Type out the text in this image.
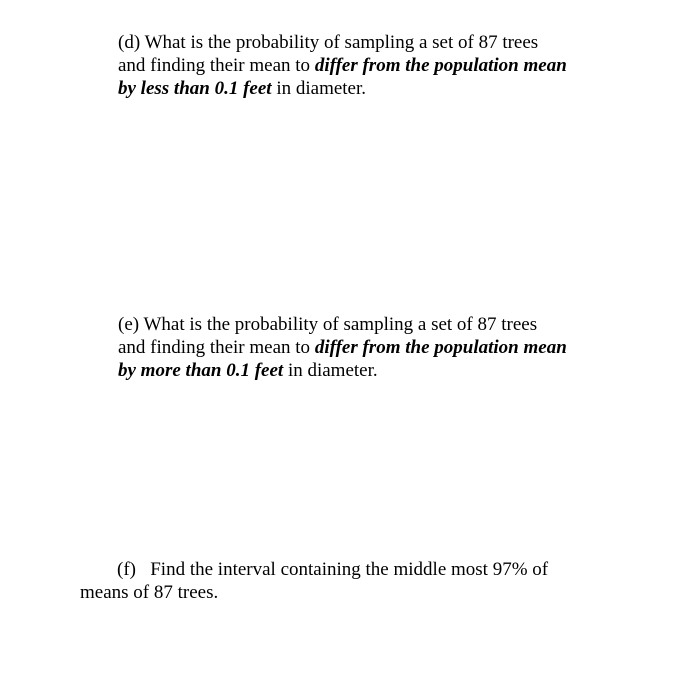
(d) What is the probability of sampling a set of 87 trees
and finding their mean to differ from the population mean
by less than 0.1 feet in diameter.
(e) What is the probability of sampling a set of 87 trees
and finding their mean to differ from the population mean
by more than 0.1 feet in diameter.
(f)   Find the interval containing the middle most 97% of
means of 87 trees.
